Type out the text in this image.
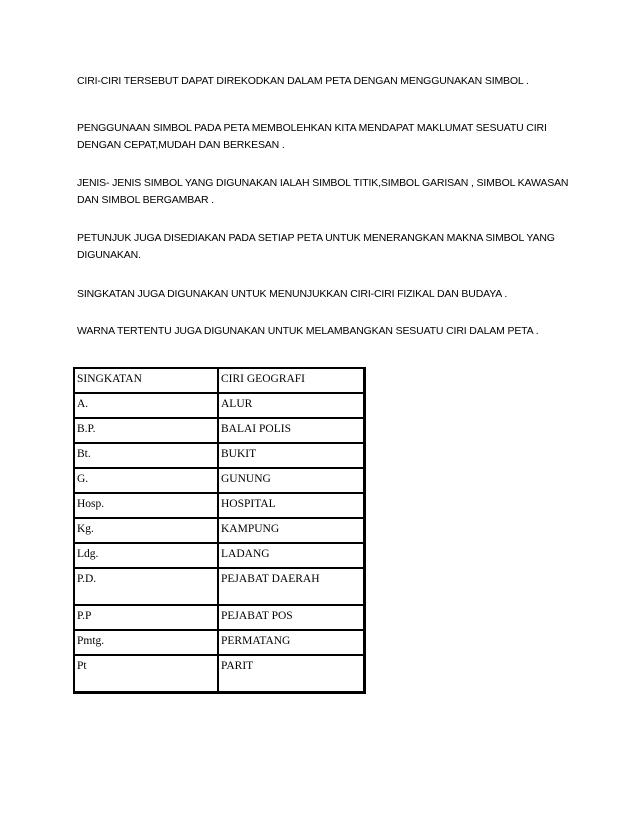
CIRI-CIRI TERSEBUT DAPAT DIREKODKAN DALAM PETA DENGAN MENGGUNAKAN SIMBOL .

PENGGUNAAN SIMBOL PADA PETA MEMBOLEHKAN KITA MENDAPAT MAKLUMAT SESUATU CIRI DENGAN CEPAT,MUDAH DAN BERKESAN .

JENIS- JENIS SIMBOL YANG DIGUNAKAN IALAH SIMBOL TITIK,SIMBOL GARISAN , SIMBOL KAWASAN DAN SIMBOL BERGAMBAR .

PETUNJUK JUGA DISEDIAKAN PADA SETIAP PETA UNTUK MENERANGKAN MAKNA SIMBOL YANG DIGUNAKAN.

SINGKATAN JUGA DIGUNAKAN UNTUK MENUNJUKKAN CIRI-CIRI FIZIKAL DAN BUDAYA .

WARNA TERTENTU JUGA DIGUNAKAN UNTUK MELAMBANGKAN SESUATU CIRI DALAM PETA .

SINGKATAN	CIRI GEOGRAFI
A.	ALUR
B.P.	BALAI POLIS
Bt.	BUKIT
G.	GUNUNG
Hosp.	HOSPITAL
Kg.	KAMPUNG
Ldg.	LADANG
P.D.	PEJABAT DAERAH
P.P	PEJABAT POS
Pmtg.	PERMATANG
Pt	PARIT
